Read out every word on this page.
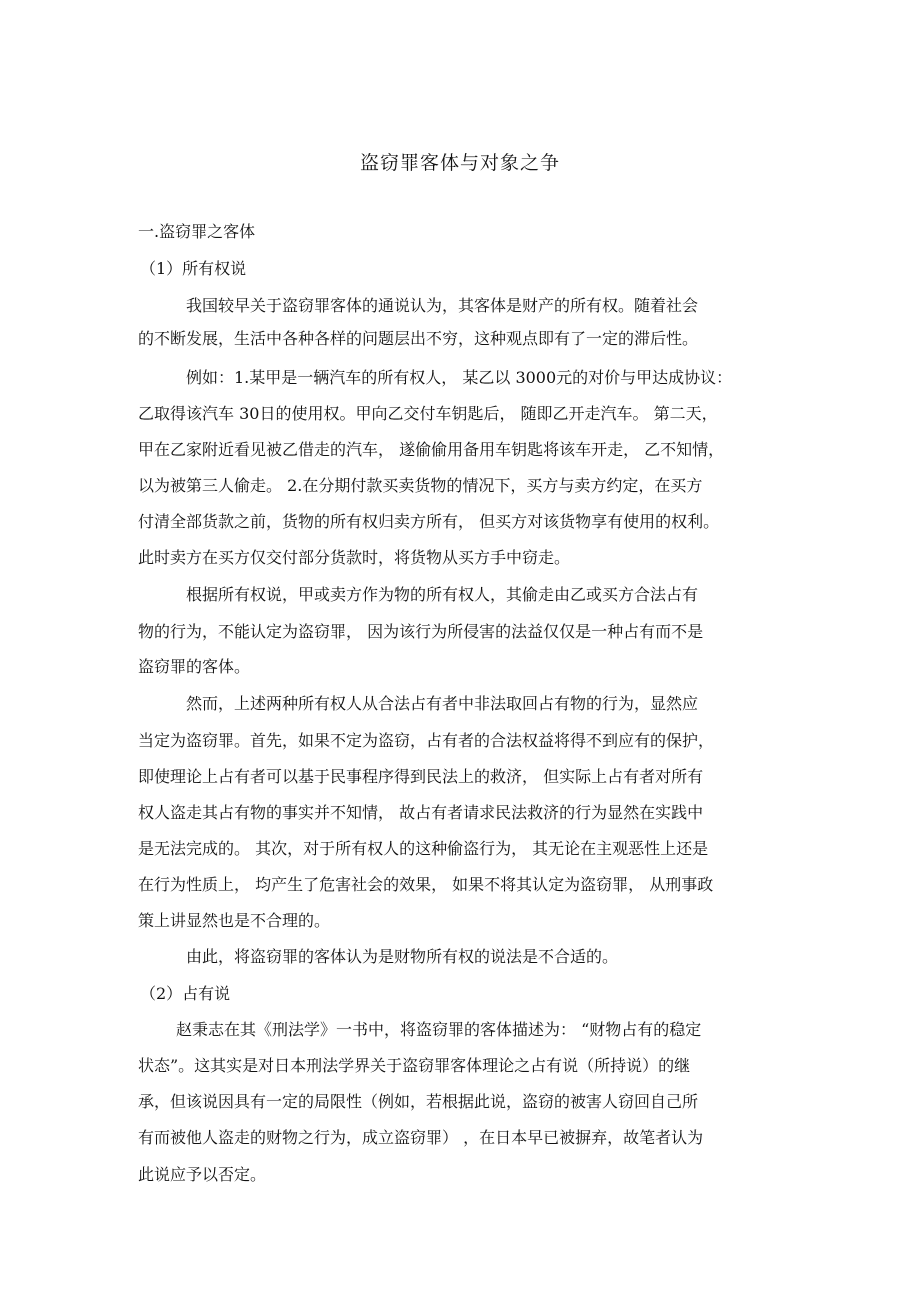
盗窃罪客体与对象之争
一.盗窃罪之客体
（1）所有权说
我国较早关于盗窃罪客体的通说认为，其客体是财产的所有权。随着社会
的不断发展，生活中各种各样的问题层出不穷，这种观点即有了一定的滞后性。
例如：1.某甲是一辆汽车的所有权人， 某乙以 3000元的对价与甲达成协议：
乙取得该汽车 30日的使用权。甲向乙交付车钥匙后， 随即乙开走汽车。 第二天，
甲在乙家附近看见被乙借走的汽车， 遂偷偷用备用车钥匙将该车开走， 乙不知情，
以为被第三人偷走。 2.在分期付款买卖货物的情况下，买方与卖方约定，在买方
付清全部货款之前，货物的所有权归卖方所有， 但买方对该货物享有使用的权利。
此时卖方在买方仅交付部分货款时，将货物从买方手中窃走。
根据所有权说，甲或卖方作为物的所有权人，其偷走由乙或买方合法占有
物的行为，不能认定为盗窃罪， 因为该行为所侵害的法益仅仅是一种占有而不是
盗窃罪的客体。
然而，上述两种所有权人从合法占有者中非法取回占有物的行为，显然应
当定为盗窃罪。首先，如果不定为盗窃，占有者的合法权益将得不到应有的保护，
即使理论上占有者可以基于民事程序得到民法上的救济， 但实际上占有者对所有
权人盗走其占有物的事实并不知情， 故占有者请求民法救济的行为显然在实践中
是无法完成的。 其次，对于所有权人的这种偷盗行为， 其无论在主观恶性上还是
在行为性质上， 均产生了危害社会的效果， 如果不将其认定为盗窃罪， 从刑事政
策上讲显然也是不合理的。
由此，将盗窃罪的客体认为是财物所有权的说法是不合适的。
（2）占有说
赵秉志在其《刑法学》一书中，将盗窃罪的客体描述为： “财物占有的稳定
状态”。这其实是对日本刑法学界关于盗窃罪客体理论之占有说（所持说）的继
承，但该说因具有一定的局限性（例如，若根据此说，盗窃的被害人窃回自己所
有而被他人盗走的财物之行为，成立盗窃罪） ，在日本早已被摒弃，故笔者认为
此说应予以否定。
